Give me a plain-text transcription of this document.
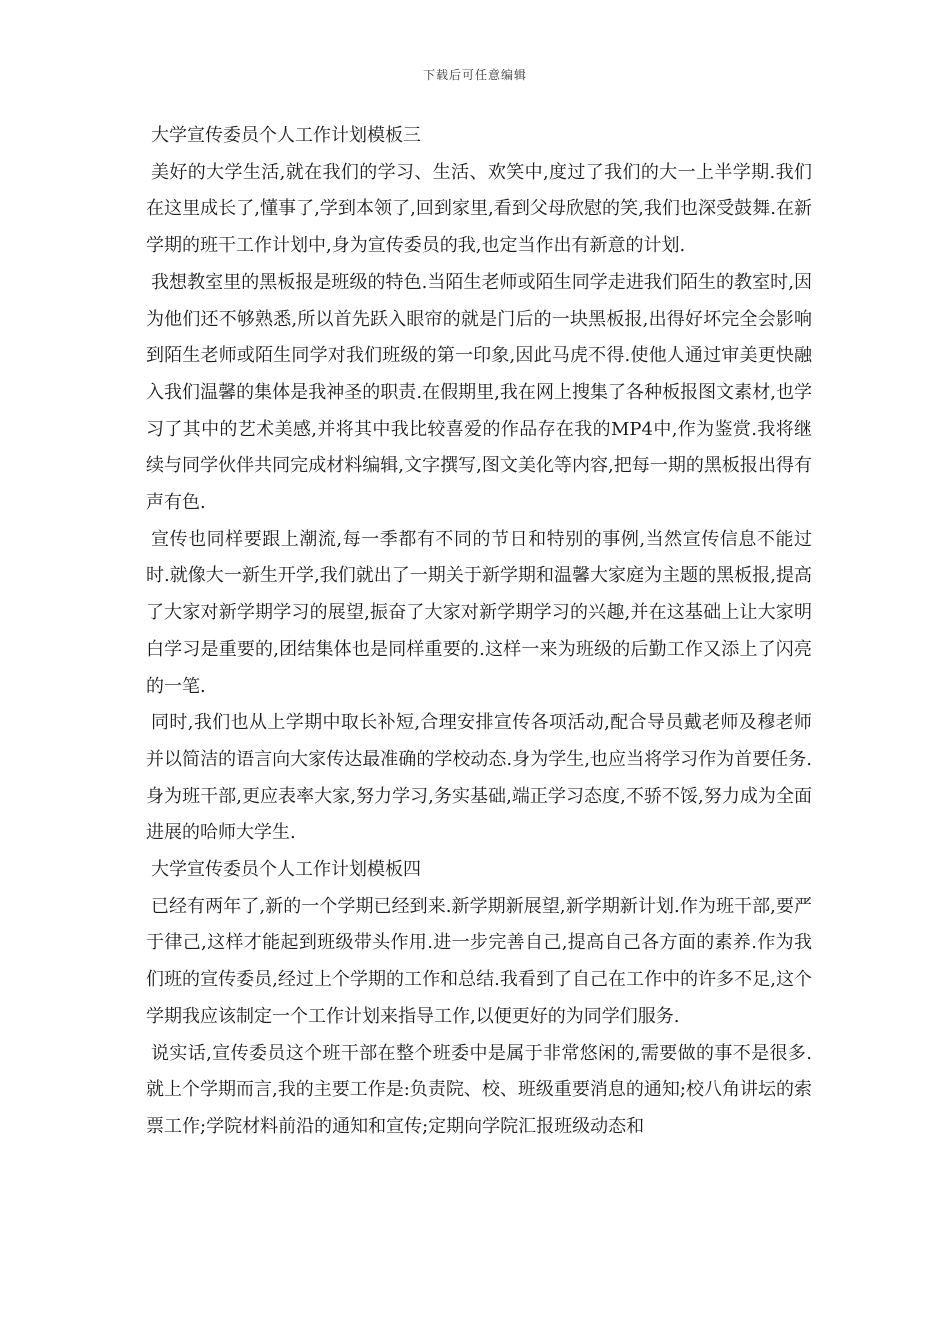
下载后可任意编辑
大学宣传委员个人工作计划模板三

美好的大学生活,就在我们的学习、生活、欢笑中,度过了我们的大一上半学期.我们在这里成长了,懂事了,学到本领了,回到家里,看到父母欣慰的笑,我们也深受鼓舞.在新学期的班干工作计划中,身为宣传委员的我,也定当作出有新意的计划.

我想教室里的黑板报是班级的特色.当陌生老师或陌生同学走进我们陌生的教室时,因为他们还不够熟悉,所以首先跃入眼帘的就是门后的一块黑板报,出得好坏完全会影响到陌生老师或陌生同学对我们班级的第一印象,因此马虎不得.使他人通过审美更快融入我们温馨的集体是我神圣的职责.在假期里,我在网上搜集了各种板报图文素材,也学习了其中的艺术美感,并将其中我比较喜爱的作品存在我的MP4中,作为鉴赏.我将继续与同学伙伴共同完成材料编辑,文字撰写,图文美化等内容,把每一期的黑板报出得有声有色.

宣传也同样要跟上潮流,每一季都有不同的节日和特别的事例,当然宣传信息不能过时.就像大一新生开学,我们就出了一期关于新学期和温馨大家庭为主题的黑板报,提高了大家对新学期学习的展望,振奋了大家对新学期学习的兴趣,并在这基础上让大家明白学习是重要的,团结集体也是同样重要的.这样一来为班级的后勤工作又添上了闪亮的一笔.

同时,我们也从上学期中取长补短,合理安排宣传各项活动,配合导员戴老师及穆老师并以简洁的语言向大家传达最准确的学校动态.身为学生,也应当将学习作为首要任务.身为班干部,更应表率大家,努力学习,务实基础,端正学习态度,不骄不馁,努力成为全面进展的哈师大学生.

大学宣传委员个人工作计划模板四

已经有两年了,新的一个学期已经到来.新学期新展望,新学期新计划.作为班干部,要严于律己,这样才能起到班级带头作用.进一步完善自己,提高自己各方面的素养.作为我们班的宣传委员,经过上个学期的工作和总结.我看到了自己在工作中的许多不足,这个学期我应该制定一个工作计划来指导工作,以便更好的为同学们服务.

说实话,宣传委员这个班干部在整个班委中是属于非常悠闲的,需要做的事不是很多.就上个学期而言,我的主要工作是:负责院、校、班级重要消息的通知;校八角讲坛的索票工作;学院材料前沿的通知和宣传;定期向学院汇报班级动态和
